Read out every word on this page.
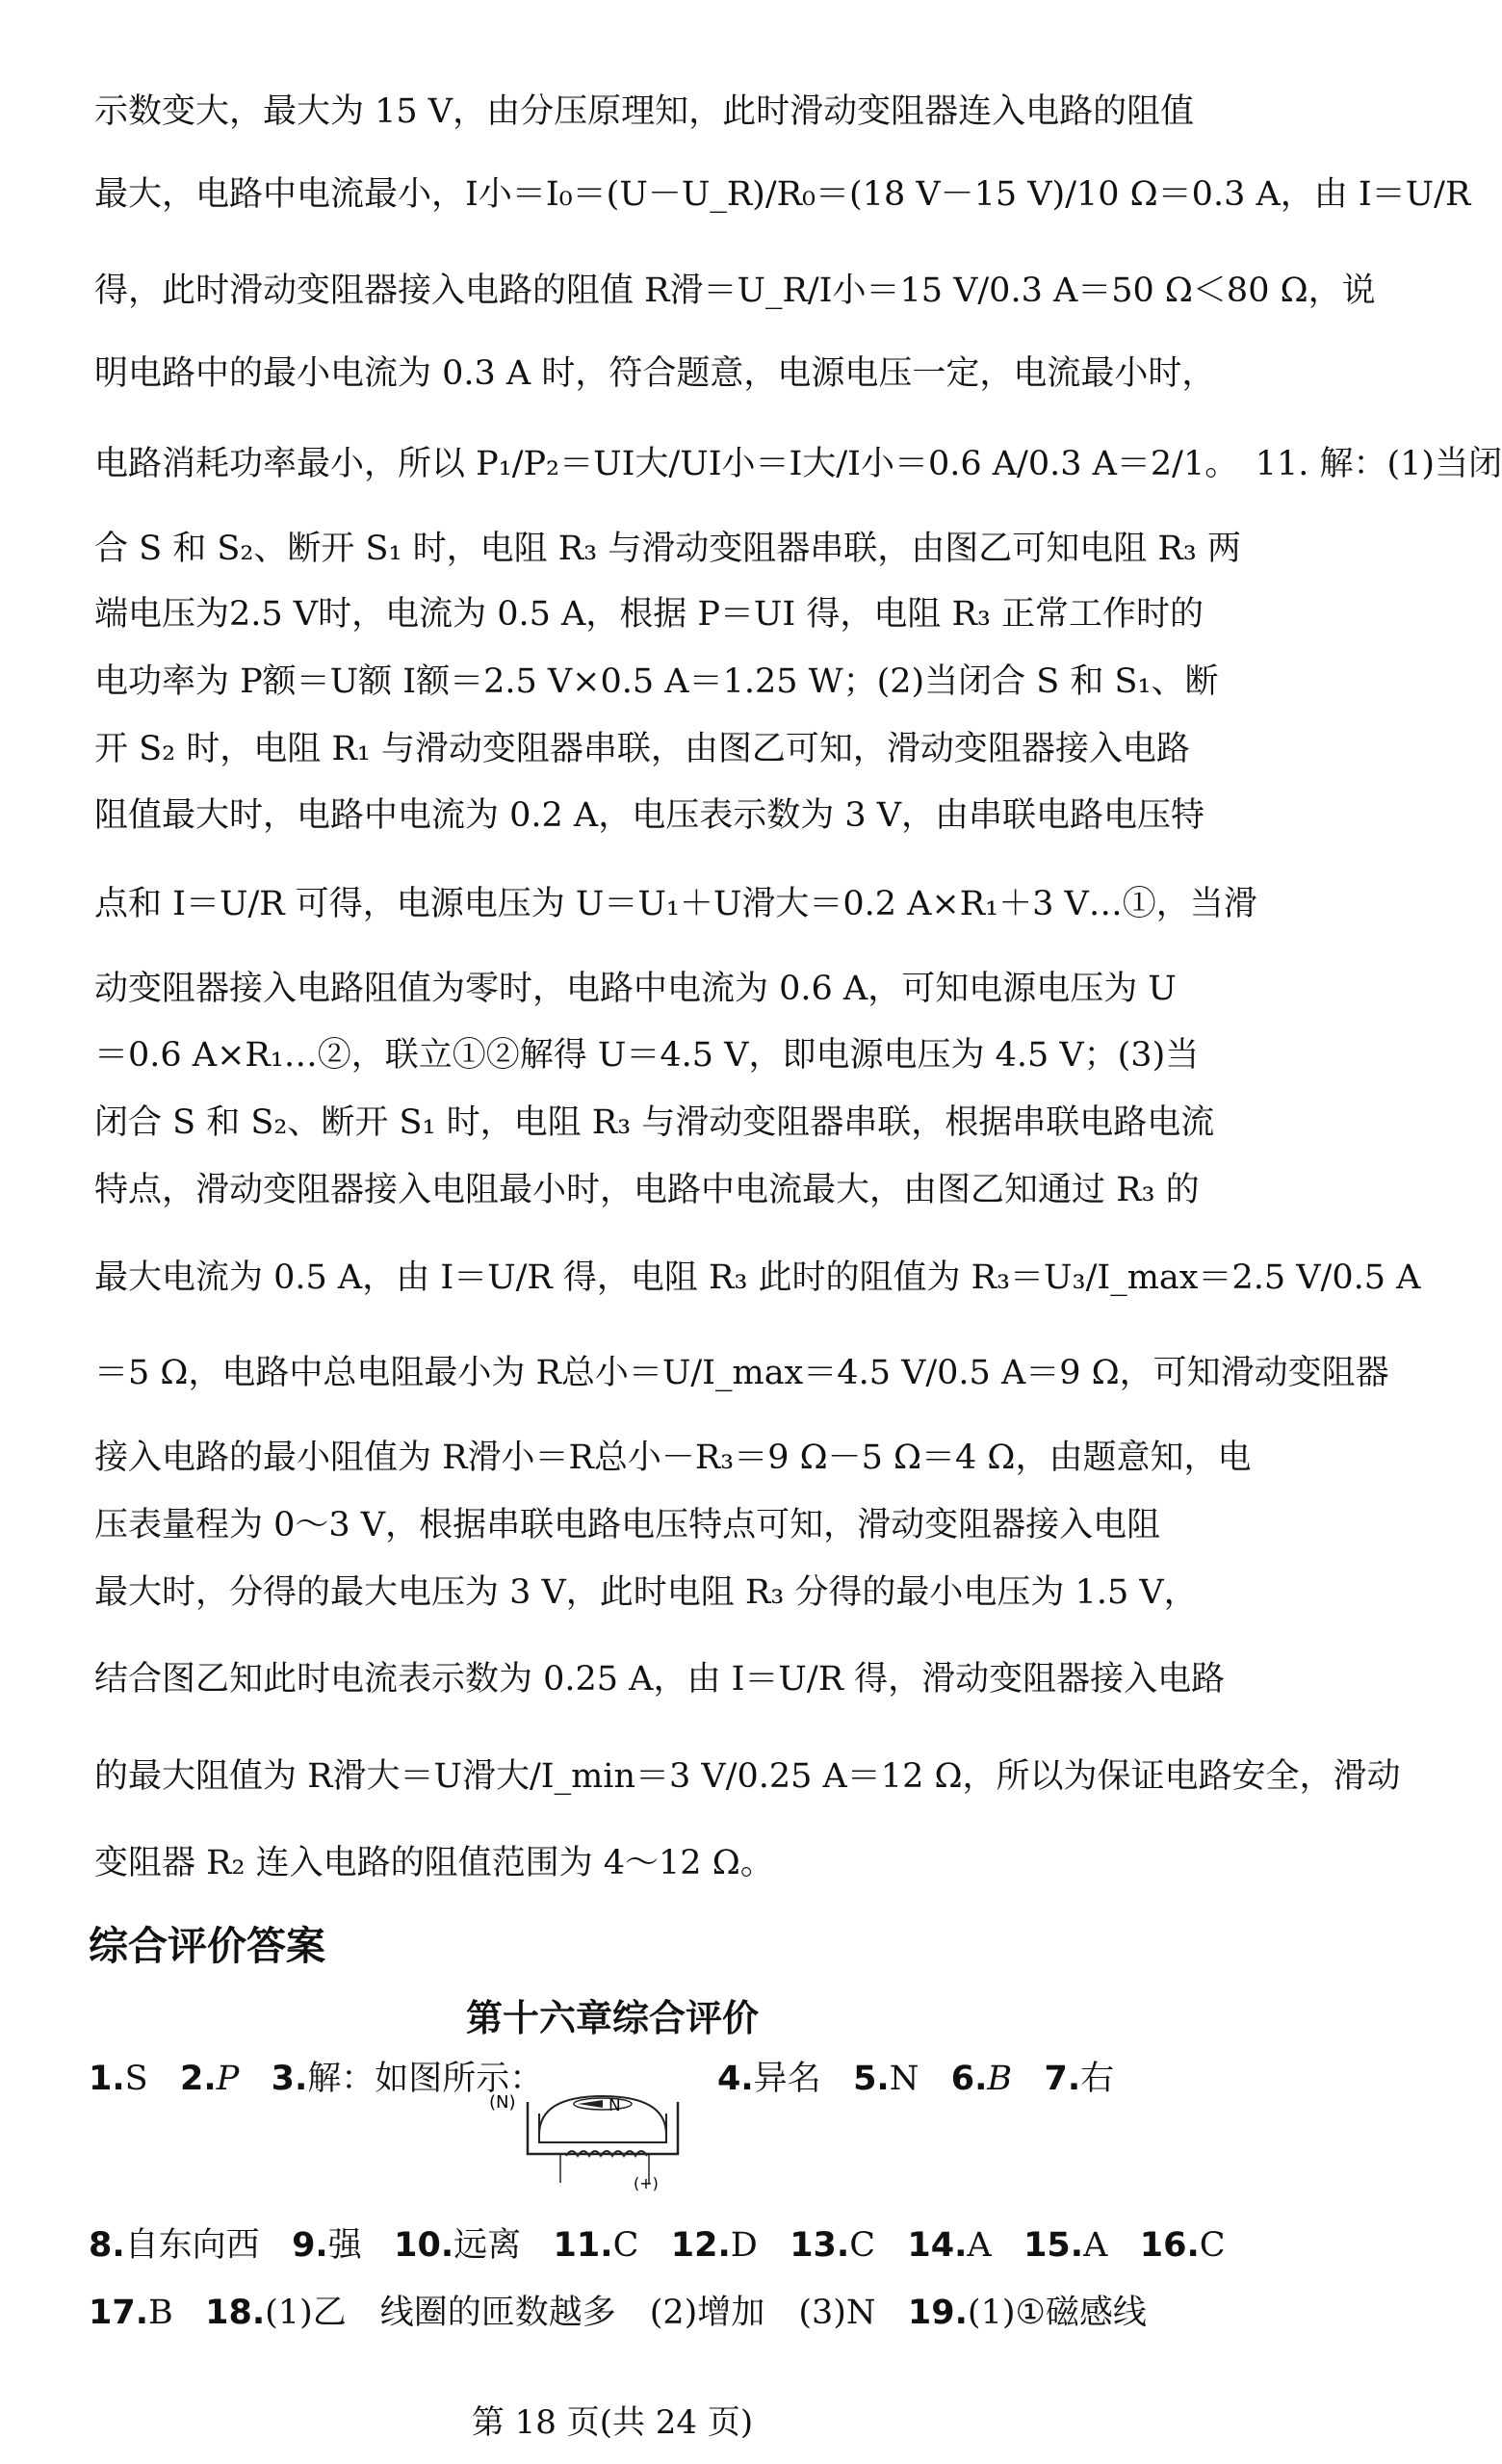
示数变大，最大为 15 V，由分压原理知，此时滑动变阻器连入电路的阻值
最大，电路中电流最小，I小＝I₀＝(U－U_R)/R₀＝(18 V－15 V)/10 Ω＝0.3 A，由 I＝U/R
得，此时滑动变阻器接入电路的阻值 R滑＝U_R/I小＝15 V/0.3 A＝50 Ω＜80 Ω，说
明电路中的最小电流为 0.3 A 时，符合题意，电源电压一定，电流最小时，
电路消耗功率最小，所以 P₁/P₂＝UI大/UI小＝I大/I小＝0.6 A/0.3 A＝2/1。　11. 解：(1)当闭
合 S 和 S₂、断开 S₁ 时，电阻 R₃ 与滑动变阻器串联，由图乙可知电阻 R₃ 两
端电压为2.5 V时，电流为 0.5 A，根据 P＝UI 得，电阻 R₃ 正常工作时的
电功率为 P额＝U额 I额＝2.5 V×0.5 A＝1.25 W；(2)当闭合 S 和 S₁、断
开 S₂ 时，电阻 R₁ 与滑动变阻器串联，由图乙可知，滑动变阻器接入电路
阻值最大时，电路中电流为 0.2 A，电压表示数为 3 V，由串联电路电压特
点和 I＝U/R 可得，电源电压为 U＝U₁＋U滑大＝0.2 A×R₁＋3 V…①，当滑
动变阻器接入电路阻值为零时，电路中电流为 0.6 A，可知电源电压为 U
＝0.6 A×R₁…②，联立①②解得 U＝4.5 V，即电源电压为 4.5 V；(3)当
闭合 S 和 S₂、断开 S₁ 时，电阻 R₃ 与滑动变阻器串联，根据串联电路电流
特点，滑动变阻器接入电阻最小时，电路中电流最大，由图乙知通过 R₃ 的
最大电流为 0.5 A，由 I＝U/R 得，电阻 R₃ 此时的阻值为 R₃＝U₃/I_max＝2.5 V/0.5 A
＝5 Ω，电路中总电阻最小为 R总小＝U/I_max＝4.5 V/0.5 A＝9 Ω，可知滑动变阻器
接入电路的最小阻值为 R滑小＝R总小－R₃＝9 Ω－5 Ω＝4 Ω，由题意知，电
压表量程为 0～3 V，根据串联电路电压特点可知，滑动变阻器接入电阻
最大时，分得的最大电压为 3 V，此时电阻 R₃ 分得的最小电压为 1.5 V，
结合图乙知此时电流表示数为 0.25 A，由 I＝U/R 得，滑动变阻器接入电路
的最大阻值为 R滑大＝U滑大/I_min＝3 V/0.25 A＝12 Ω，所以为保证电路安全，滑动
变阻器 R₂ 连入电路的阻值范围为 4～12 Ω。
综合评价答案
第十六章综合评价
1.S 2.P 3.解：如图所示：
(N)	N
(+)
4.异名 5.N 6.B 7.右
8.自东向西 9.强 10.远离 11.C 12.D 13.C 14.A 15.A 16.C
17.B 18.(1)乙　线圈的匝数越多　(2)增加　(3)N 19.(1)①磁感线
第 18 页(共 24 页)
